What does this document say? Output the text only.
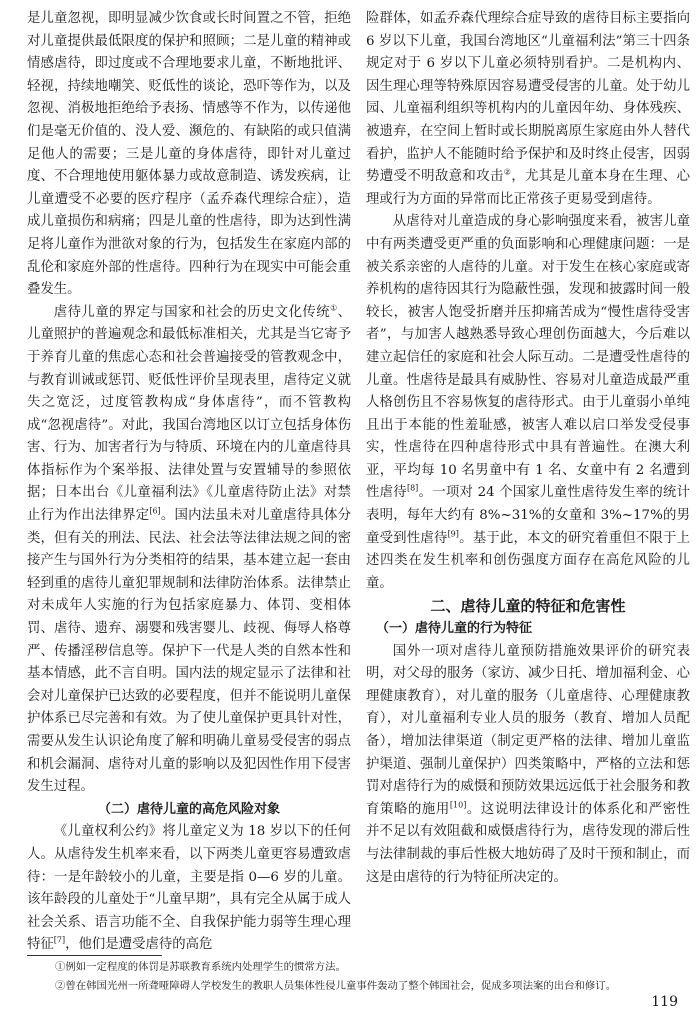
是儿童忽视，即明显减少饮食或长时间置之不管，拒绝对儿童提供最低限度的保护和照顾；二是儿童的精神或情感虐待，即过度或不合理地要求儿童，不断地批评、轻视，持续地嘲笑、贬低性的谈论，恐吓等作为，以及忽视、消极地拒绝给予表扬、情感等不作为，以传递他们是毫无价值的、没人爱、濒危的、有缺陷的或只值满足他人的需要；三是儿童的身体虐待，即针对儿童过度、不合理地使用躯体暴力或故意制造、诱发疾病，让儿童遭受不必要的医疗程序（孟乔森代理综合症），造成儿童损伤和病痛；四是儿童的性虐待，即为达到性满足将儿童作为泄欲对象的行为，包括发生在家庭内部的乱伦和家庭外部的性虐待。四种行为在现实中可能会重叠发生。

虐待儿童的界定与国家和社会的历史文化传统①、儿童照护的普遍观念和最低标准相关，尤其是当它寄予于养育儿童的焦虑心态和社会普遍接受的管教观念中，与教育训诫或惩罚、贬低性评价呈现表里，虐待定义就失之宽泛，过度管教构成“身体虐待”，而不管教构成“忽视虐待”。对此，我国台湾地区以订立包括身体伤害、行为、加害者行为与特质、环境在内的儿童虐待具体指标作为个案举报、法律处置与安置辅导的参照依据；日本出台《儿童福利法》《儿童虐待防止法》对禁止行为作出法律界定[6]。国内法虽未对儿童虐待具体分类，但有关的刑法、民法、社会法等法律法规之间的密接产生与国外行为分类相符的结果，基本建立起一套由轻到重的虐待儿童犯罪规制和法律防治体系。法律禁止对未成年人实施的行为包括家庭暴力、体罚、变相体罚、虐待、遗弃、溺婴和残害婴儿、歧视、侮辱人格尊严、传播淫秽信息等。保护下一代是人类的自然本性和基本情感，此不言自明。国内法的规定显示了法律和社会对儿童保护已达致的必要程度，但并不能说明儿童保护体系已尽完善和有效。为了使儿童保护更具针对性，需要从发生认识论角度了解和明确儿童易受侵害的弱点和机会漏洞、虐待对儿童的影响以及犯因性作用下侵害发生过程。

（二）虐待儿童的高危风险对象

《儿童权利公约》将儿童定义为 18 岁以下的任何人。从虐待发生机率来看，以下两类儿童更容易遭致虐待：一是年龄较小的儿童，主要是指 0—6 岁的儿童。该年龄段的儿童处于“儿童早期”，具有完全从属于成人社会关系、语言功能不全、自我保护能力弱等生理心理特征[7]，他们是遭受虐待的高危

险群体，如孟乔森代理综合症导致的虐待目标主要指向 6 岁以下儿童，我国台湾地区“儿童福利法”第三十四条规定对于 6 岁以下儿童必须特别看护。二是机构内、因生理心理等特殊原因容易遭受侵害的儿童。处于幼儿园、儿童福利组织等机构内的儿童因年幼、身体残疾、被遗弃，在空间上暂时或长期脱离原生家庭由外人替代看护，监护人不能随时给予保护和及时终止侵害，因弱势遭受不明敌意和攻击②，尤其是儿童本身在生理、心理或行为方面的异常而比正常孩子更易受到虐待。

从虐待对儿童造成的身心影响强度来看，被害儿童中有两类遭受更严重的负面影响和心理健康问题：一是被关系亲密的人虐待的儿童。对于发生在核心家庭或寄养机构的虐待因其行为隐蔽性强，发现和披露时间一般较长，被害人饱受折磨并压抑痛苦成为“慢性虐待受害者”，与加害人越熟悉导致心理创伤面越大，今后难以建立起信任的家庭和社会人际互动。二是遭受性虐待的儿童。性虐待是最具有威胁性、容易对儿童造成最严重人格创伤且不容易恢复的虐待形式。由于儿童弱小单纯且出于本能的性羞耻感，被害人难以启口举发受侵事实，性虐待在四种虐待形式中具有普遍性。在澳大利亚，平均每 10 名男童中有 1 名、女童中有 2 名遭到性虐待[8]。一项对 24 个国家儿童性虐待发生率的统计表明，每年大约有 8%~31%的女童和 3%~17%的男童受到性虐待[9]。基于此，本文的研究着重但不限于上述四类在发生机率和创伤强度方面存在高危风险的儿童。

二、虐待儿童的特征和危害性

（一）虐待儿童的行为特征

国外一项对虐待儿童预防措施效果评价的研究表明，对父母的服务（家访、减少日托、增加福利金、心理健康教育），对儿童的服务（儿童虐待、心理健康教育），对儿童福利专业人员的服务（教育、增加人员配备），增加法律渠道（制定更严格的法律、增加儿童监护渠道、强制儿童保护）四类策略中，严格的立法和惩罚对虐待行为的威慑和预防效果远远低于社会服务和教育策略的施用[10]。这说明法律设计的体系化和严密性并不足以有效阻截和威慑虐待行为，虐待发现的滞后性与法律制裁的事后性极大地妨碍了及时干预和制止，而这是由虐待的行为特征所决定的。

①例如一定程度的体罚是苏联教育系统内处理学生的惯常方法。
②曾在韩国光州一所聋哑障碍人学校发生的教职人员集体性侵儿童事件轰动了整个韩国社会，促成多项法案的出台和修订。
119
